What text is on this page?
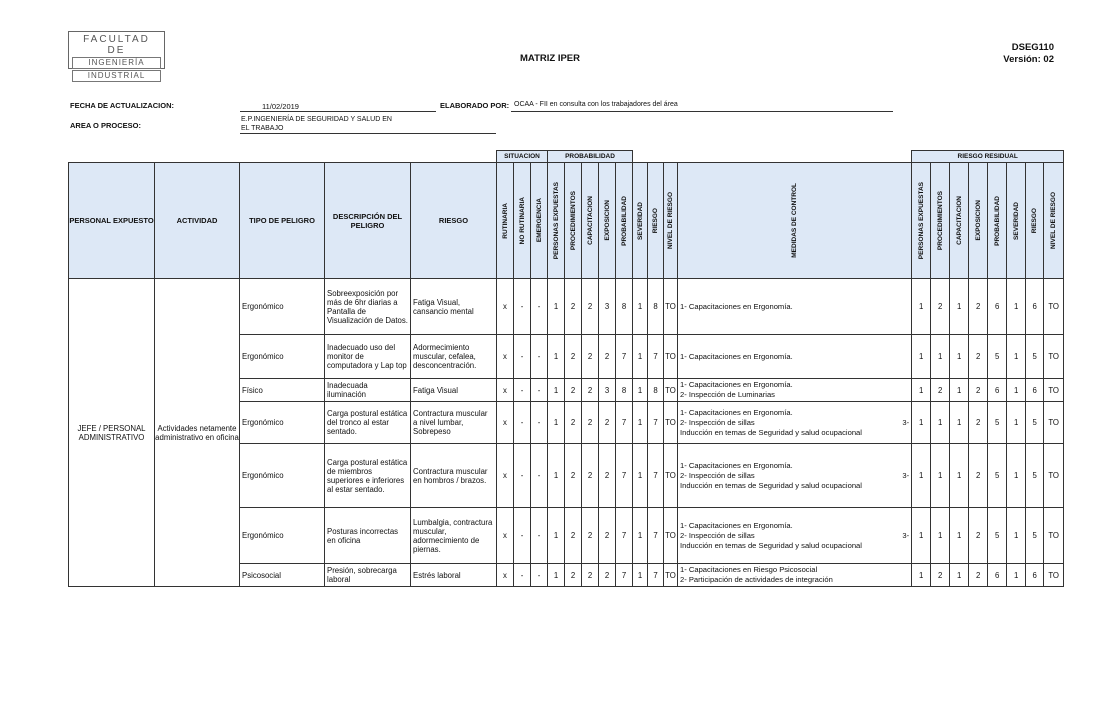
FACULTAD DE
INGENIERÍA
INDUSTRIAL
MATRIZ IPER
DSEG110
Versión: 02
FECHA DE ACTUALIZACION:	11/02/2019	ELABORADO POR: OCAA - FII en consulta con los trabajadores del área
AREA O PROCESO:
E.P.INGENIERÍA DE SEGURIDAD Y SALUD EN
EL TRABAJO
					SITUACION			PROBABILIDAD									RIESGO RESIDUAL							
PERSONAL EXPUESTO	ACTIVIDAD	TIPO DE PELIGRO	DESCRIPCIÓN DEL PELIGRO	RIESGO	RUTINARIA	NO RUTINARIA	EMERGENCIA	PERSONAS EXPUESTAS	PROCEDIMIENTOS	CAPACITACION	EXPOSICION	PROBABILIDAD	SEVERIDAD	RIESGO	NIVEL DE RIESGO	MEDIDAS DE CONTROL	PERSONAS EXPUESTAS	PROCEDIMIENTOS	CAPACITACION	EXPOSICION	PROBABILIDAD	SEVERIDAD	RIESGO	NIVEL DE RIESGO

JEFE / PERSONAL ADMINISTRATIVO	Actividades netamente administrativo en oficina	Ergonómico	Sobreexposición por más de 6hr diarias a Pantalla de Visualización de Datos.	Fatiga Visual, cansancio mental	x	-	-	1	2	2	3	8	1	8	TO	1- Capacitaciones en Ergonomía.	1	2	1	2	6	1	6	TO
		Ergonómico	Inadecuado uso del monitor de computadora y Lap top	Adormecimiento muscular, cefalea, desconcentración.	x	-	-	1	2	2	2	7	1	7	TO	1- Capacitaciones en Ergonomía.	1	1	1	2	5	1	5	TO
		Físico	Inadecuada iluminación	Fatiga Visual	x	-	-	1	2	2	3	8	1	8	TO	1- Capacitaciones en Ergonomía.
2- Inspección de Luminarias	1	2	1	2	6	1	6	TO
		Ergonómico	Carga postural estática del tronco al estar sentado.	Contractura muscular a nivel lumbar, Sobrepeso	x	-	-	1	2	2	2	7	1	7	TO	1- Capacitaciones en Ergonomía.
2- Inspección de sillas                                                                      3-
Inducción en temas de Seguridad y salud ocupacional	1	1	1	2	5	1	5	TO
		Ergonómico	Carga postural estática de miembros superiores e inferiores al estar sentado.	Contractura muscular en hombros / brazos.	x	-	-	1	2	2	2	7	1	7	TO	1- Capacitaciones en Ergonomía.
2- Inspección de sillas                                                                      3-
Inducción en temas de Seguridad y salud ocupacional	1	1	1	2	5	1	5	TO
		Ergonómico	Posturas incorrectas en oficina	Lumbalgia, contractura muscular, adormecimiento de piernas.	x	-	-	1	2	2	2	7	1	7	TO	1- Capacitaciones en Ergonomía.
2- Inspección de sillas                                                                      3-
Inducción en temas de Seguridad y salud ocupacional	1	1	1	2	5	1	5	TO
		Psicosocial	Presión, sobrecarga laboral	Estrés laboral	x	-	-	1	2	2	2	7	1	7	TO	1- Capacitaciones en Riesgo Psicosocial
2- Participación de actividades de integración	1	2	1	2	6	1	6	TO
